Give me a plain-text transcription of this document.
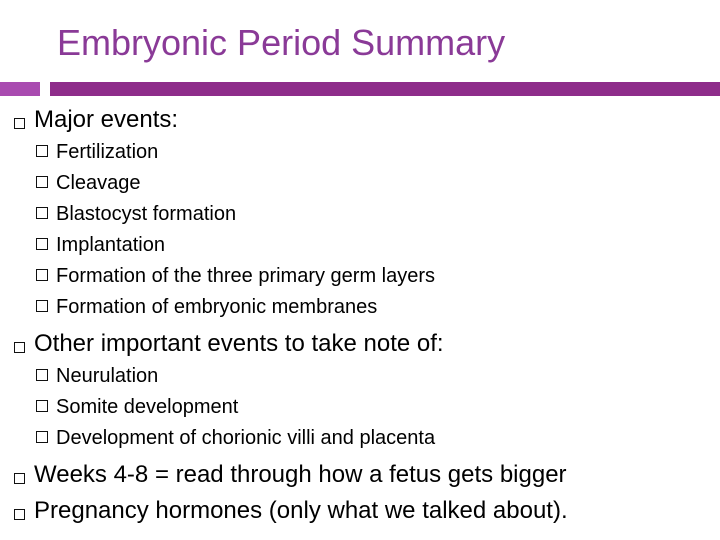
Embryonic Period Summary
Major events:
Fertilization
Cleavage
Blastocyst formation
Implantation
Formation of the three primary germ layers
Formation of embryonic membranes
Other important events to take note of:
Neurulation
Somite development
Development of chorionic villi and placenta
Weeks 4-8 = read through how a fetus gets bigger
Pregnancy hormones (only what we talked about).
